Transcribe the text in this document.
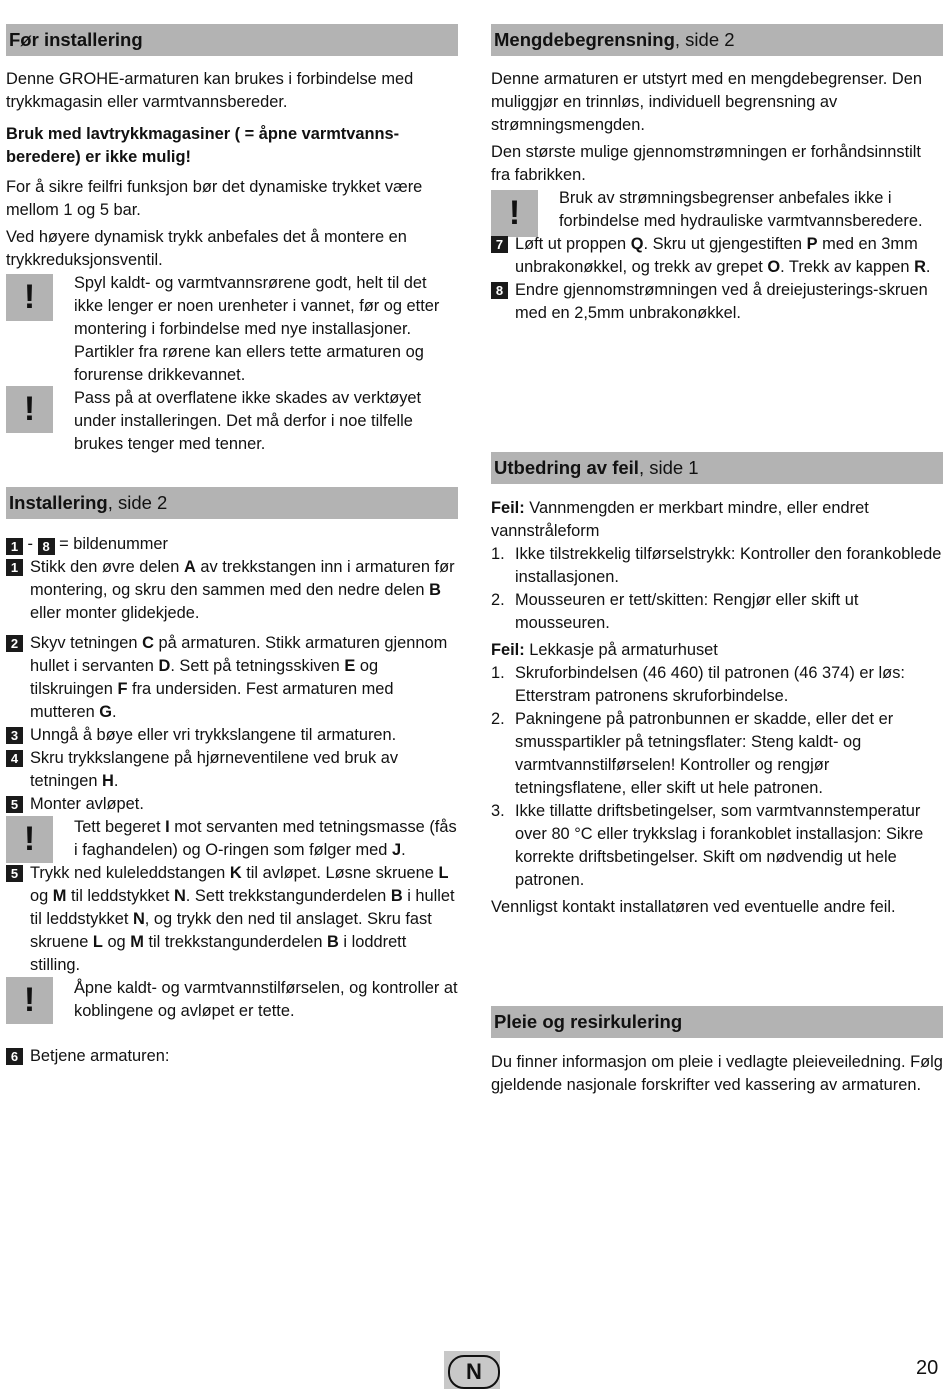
Før installering

Denne GROHE-armaturen kan brukes i forbindelse med trykkmagasin eller varmtvannsbereder.

Bruk med lavtrykkmagasiner ( = åpne varmtvanns-
beredere) er ikke mulig!

For å sikre feilfri funksjon bør det dynamiske trykket være mellom 1 og 5 bar.

Ved høyere dynamisk trykk anbefales det å montere en trykkreduksjonsventil.

!	Spyl kaldt- og varmtvannsrørene godt, helt til det ikke lenger er noen urenheter i vannet, før og etter montering i forbindelse med nye installasjoner. Partikler fra rørene kan ellers tette armaturen og forurense drikkevannet.

!	Pass på at overflatene ikke skades av verktøyet under installeringen. Det må derfor i noe tilfelle brukes tenger med tenner.

Installering, side 2

1 - 8 = bildenummer

1 Stikk den øvre delen A av trekkstangen inn i armaturen før montering, og skru den sammen med den nedre delen B eller monter glidekjede.
2 Skyv tetningen C på armaturen. Stikk armaturen gjennom hullet i servanten D. Sett på tetningsskiven E og tilskruingen F fra undersiden. Fest armaturen med mutteren G.
3 Unngå å bøye eller vri trykkslangene til armaturen.
4 Skru trykkslangene på hjørneventilene ved bruk av tetningen H.
5 Monter avløpet.
!	Tett begeret I mot servanten med tetningsmasse (fås i faghandelen) og O-ringen som følger med J.

5 Trykk ned kuleleddstangen K til avløpet. Løsne skruene L og M til leddstykket N. Sett trekkstangunderdelen B i hullet til leddstykket N, og trykk den ned til anslaget. Skru fast skruene L og M til trekkstangunderdelen B i loddrett stilling.
!	Åpne kaldt- og varmtvannstilførselen, og kontroller at koblingene og avløpet er tette.

6 Betjene armaturen:
Mengdebegrensning, side 2

Denne armaturen er utstyrt med en mengdebegrenser. Den muliggjør en trinnløs, individuell begrensning av strømningsmengden.

Den største mulige gjennomstrømningen er forhåndsinnstilt fra fabrikken.

!	Bruk av strømningsbegrenser anbefales ikke i forbindelse med hydrauliske varmtvannsberedere.

7 Løft ut proppen Q. Skru ut gjengestiften P med en 3mm unbrakonøkkel, og trekk av grepet O. Trekk av kappen R.
8 Endre gjennomstrømningen ved å dreiejusterings-skruen med en 2,5mm unbrakonøkkel.
Utbedring av feil, side 1

Feil: Vannmengden er merkbart mindre, eller endret vannstråleform

1. Ikke tilstrekkelig tilførselstrykk: Kontroller den forankoblede installasjonen.
2. Mousseuren er tett/skitten: Rengjør eller skift ut mousseuren.

Feil: Lekkasje på armaturhuset

1. Skruforbindelsen (46 460) til patronen (46 374) er løs: Etterstram patronens skruforbindelse.
2. Pakningene på patronbunnen er skadde, eller det er smusspartikler på tetningsflater: Steng kaldt- og varmtvannstilførselen! Kontroller og rengjør tetningsflatene, eller skift ut hele patronen.
3. Ikke tillatte driftsbetingelser, som varmtvannstemperatur over 80 °C eller trykkslag i forankoblet installasjon: Sikre korrekte driftsbetingelser. Skift om nødvendig ut hele patronen.

Vennligst kontakt installatøren ved eventuelle andre feil.

Pleie og resirkulering

Du finner informasjon om pleie i vedlagte pleieveiledning. Følg gjeldende nasjonale forskrifter ved kassering av armaturen.

N	20
